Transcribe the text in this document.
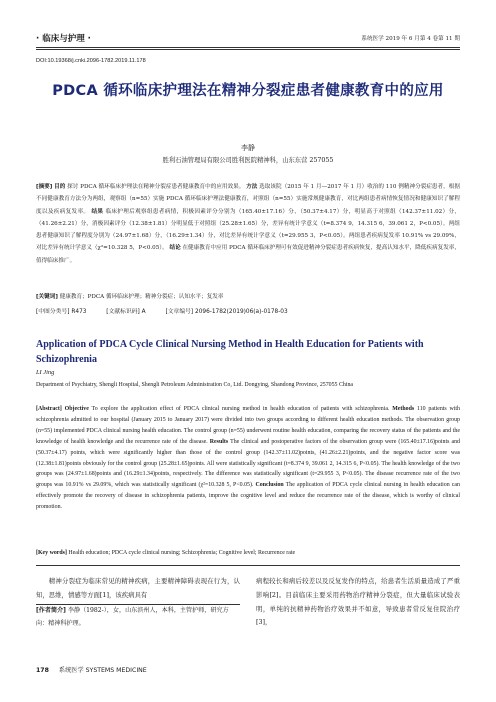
· 临床与护理 ·	系统医学 2019 年 6 月第 4 卷第 11 期
DOI:10.19368/j.cnki.2096-1782.2019.11.178
PDCA 循环临床护理法在精神分裂症患者健康教育中的应用
李静
胜利石油管理局有限公司胜利医院精神科，山东东营 257055
[摘要] 目的 探讨 PDCA 循环临床护理法在精神分裂症患者健康教育中的应用效果。 方法 选取该院（2015 年 1 月—2017 年 1 月）收治的 110 例精神分裂症患者，根据不同健康教育方法分为两组，观察组（n=55）实施 PDCA 循环临床护理法健康教育，对照组（n=55）实施常规健康教育，对比两组患者病情恢复情况和健康知识了解程度以及疾病复发率。 结果 临床护理后观察组患者病情，积极因素评分分别为（165.40±17.16）分，（50.37±4.17）分，明显高于对照组（142.37±11.02）分，（41.26±2.21）分，消极因素评分（12.38±1.81）分明显低于对照组（25.28±1.65）分，差异有统计学意义（t=8.374 9，14.315 6，39.061 2，P<0.05）。两组患者健康知识了解程度分别为（24.97±1.68）分，（16.29±1.34）分，对比差异有统计学意义（t=29.955 3，P<0.05）。两组患者疾病复发率 10.91% vs 29.09%，对比差异有统计学意义（χ²=10.328 5，P<0.05）。 结论 在健康教育中应用 PDCA 循环临床护理可有效促进精神分裂症患者疾病恢复，提高认知水平，降低疾病复发率，值得临床推广。
[关键词] 健康教育；PDCA 循环临床护理；精神分裂症；认知水平；复发率
[中图分类号] R473	[文献标识码] A	[文章编号] 2096-1782(2019)06(a)-0178-03
Application of PDCA Cycle Clinical Nursing Method in Health Education for Patients with Schizophrenia
LI Jing
Department of Psychiatry, Shengli Hospital, Shengli Petroleum Administration Co, Ltd. Dongying, Shandong Province, 257055 China
[Abstract] Objective To explore the application effect of PDCA clinical nursing method in health education of patients with schizophrenia. Methods 110 patients with schizophrenia admitted to our hospital (January 2015 to January 2017) were divided into two groups according to different health education methods. The observation group (n=55) implemented PDCA clinical nursing health education. The control group (n=55) underwent routine health education, comparing the recovery status of the patients and the knowledge of health knowledge and the recurrence rate of the disease. Results The clinical and postoperative factors of the observation group were (165.40±17.16)points and (50.37±4.17) points, which were significantly higher than those of the control group (142.37±11.02)points, (41.26±2.21)points, and the negative factor score was (12.38±1.81)points obviously for the control group (25.28±1.65)points. All were statistically significant (t=8.374 9, 39.061 2, 14.315 6, P<0.05). The health knowledge of the two groups was (24.97±1.68)points and (16.29±1.34)points, respectively. The difference was statistically significant (t=29.955 3, P<0.05). The disease recurrence rate of the two groups was 10.91% vs 29.09%, which was statistically significant (χ²=10.328 5, P<0.05). Conclusion The application of PDCA cycle clinical nursing in health education can effectively promote the recovery of disease in schizophrenia patients, improve the cognitive level and reduce the recurrence rate of the disease, which is worthy of clinical promotion.
[Key words] Health education; PDCA cycle clinical nursing; Schizophrenia; Cognitive level; Recurrence rate
精神分裂症为临床常见的精神疾病，主要精神障碍表现在行为，认知，思维，情感等方面[1]，该疾病具有
[作者简介] 李静（1982-），女，山东滨州人，本科，主管护师，研究方向：精神科护理。
病程较长和病后较差以及反复发作的特点，给患者生活质量造成了严重影响[2]。目前临床主要采用药物治疗精神分裂症，但大量临床试验表明，单纯的抗精神药物治疗效果并不如意，导致患者常反复住院治疗[3]，
178 系统医学 SYSTEMS MEDICINE
